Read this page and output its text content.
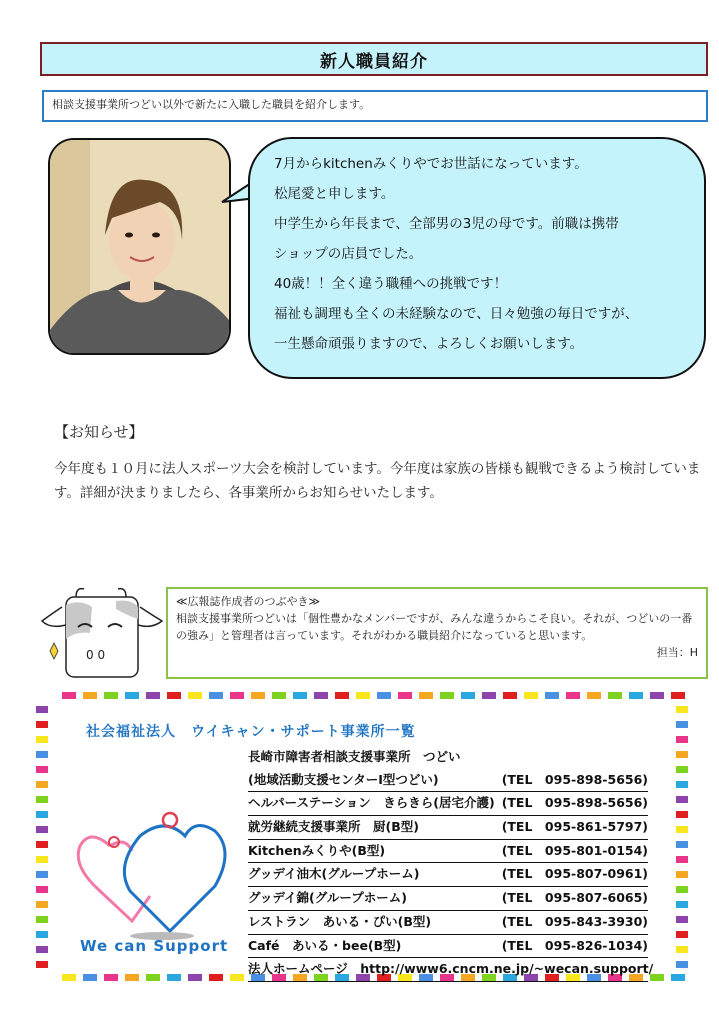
新人職員紹介
相談支援事業所つどい以外で新たに入職した職員を紹介します。

7月からkitchenみくりやでお世話になっています。

松尾愛と申します。

中学生から年長まで、全部男の3児の母です。前職は携帯

ショップの店員でした。

40歳！！全く違う職種への挑戦です！

福祉も調理も全くの未経験なので、日々勉強の毎日ですが、

一生懸命頑張りますので、よろしくお願いします。

【お知らせ】
今年度も１０月に法人スポーツ大会を検討しています。今年度は家族の皆様も観戦できるよう検討しています。詳細が決まりましたら、各事業所からお知らせいたします。
0 0
≪広報誌作成者のつぶやき≫
相談支援事業所つどいは「個性豊かなメンバーですが、みんな違うからこそ良い。それが、つどいの一番の強み」と管理者は言っています。それがわかる職員紹介になっていると思います。
担当：H
社会福祉法人　ウイキャン・サポート事業所一覧
We can Support
長崎市障害者相談支援事業所　つどい
(地域活動支援センターⅠ型つどい)	(TEL　095-898-5656)
ヘルパーステーション　きらきら(居宅介護) (TEL　095-898-5656)
就労継続支援事業所　厨(B型)	(TEL　095-861-5797)
Kitchenみくりや(B型)	(TEL　095-801-0154)
グッデイ油木(グループホーム)	(TEL　095-807-0961)
グッデイ錦(グループホーム)	(TEL　095-807-6065)
レストラン　あいる・ぴい(B型)	(TEL　095-843-3930)
Café　あいる・bee(B型)	(TEL　095-826-1034)
法人ホームページ　http://www6.cncm.ne.jp/~wecan.support/
